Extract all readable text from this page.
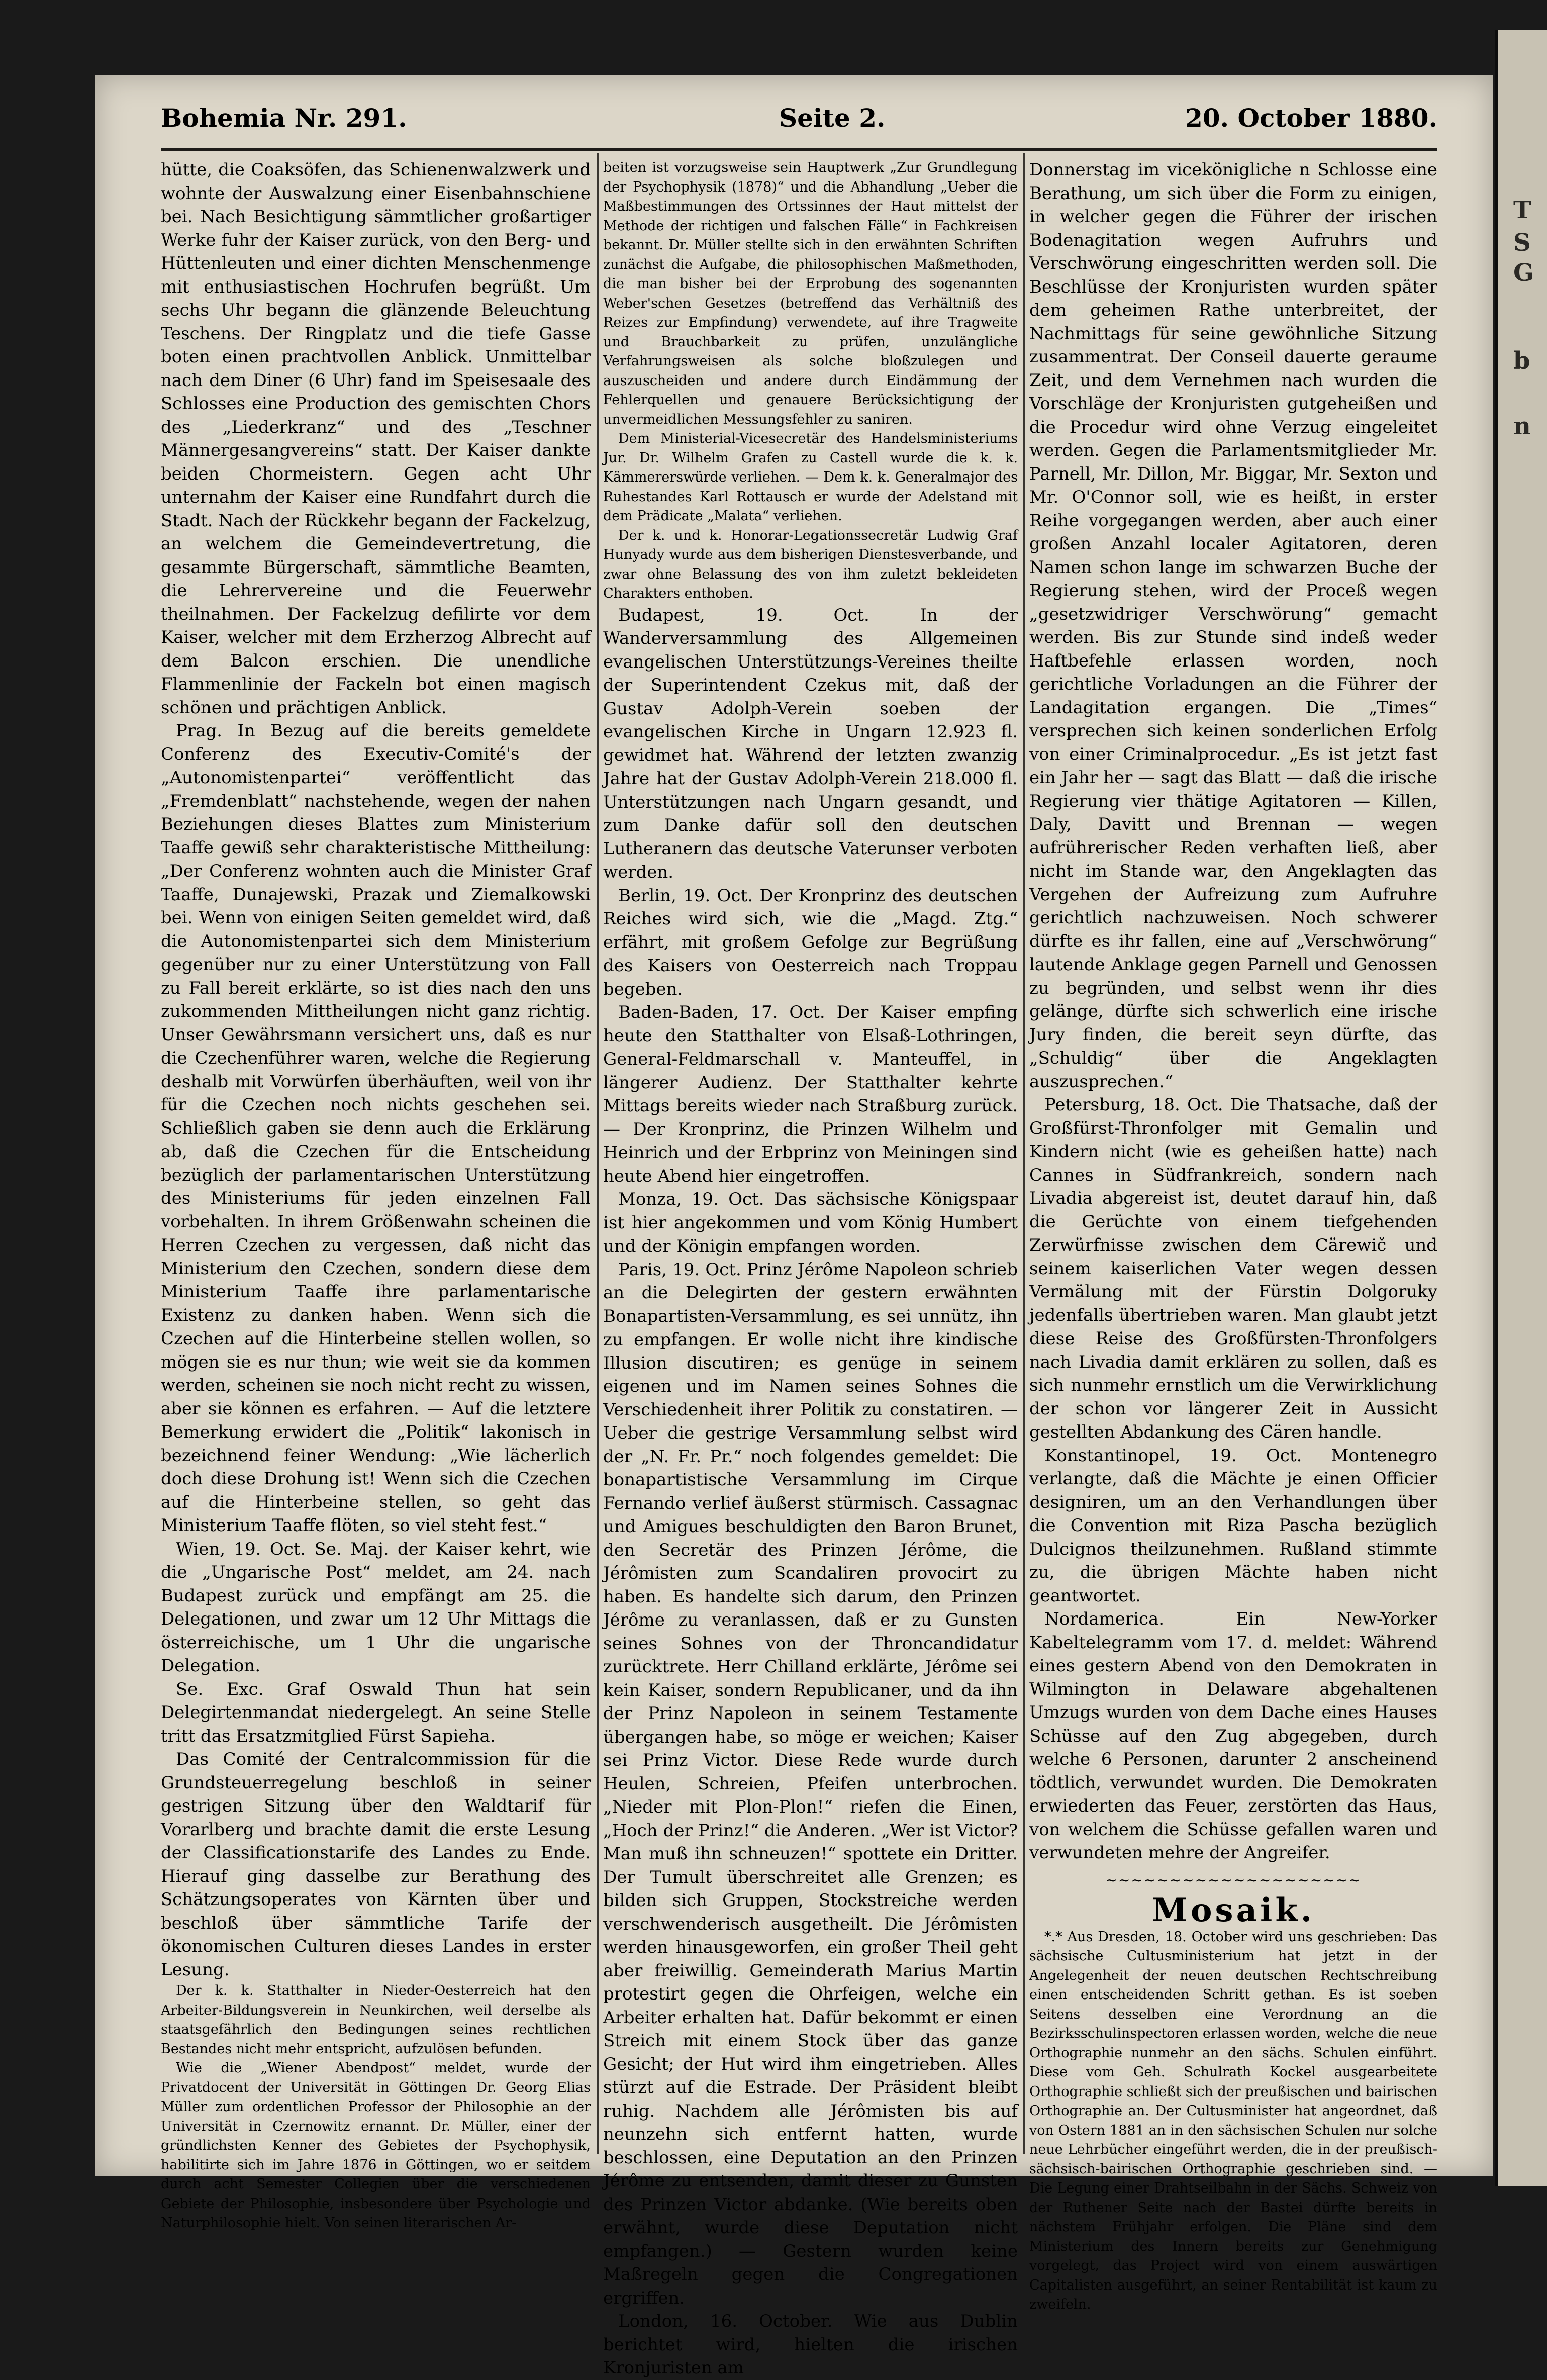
T
S
G
b
n
Bohemia Nr. 291.	Seite 2.	20. October 1880.

hütte, die Coaksöfen, das Schienenwalzwerk und wohnte der Auswalzung einer Eisenbahnschiene bei. Nach Besichtigung sämmtlicher großartiger Werke fuhr der Kaiser zurück, von den Berg- und Hüttenleuten und einer dichten Menschenmenge mit enthusiastischen Hochrufen begrüßt. Um sechs Uhr begann die glänzende Beleuchtung Teschens. Der Ringplatz und die tiefe Gasse boten einen prachtvollen Anblick. Unmittelbar nach dem Diner (6 Uhr) fand im Speisesaale des Schlosses eine Production des gemischten Chors des „Liederkranz“ und des „Teschner Männergesangvereins“ statt. Der Kaiser dankte beiden Chormeistern. Gegen acht Uhr unternahm der Kaiser eine Rundfahrt durch die Stadt. Nach der Rückkehr begann der Fackelzug, an welchem die Gemeindevertretung, die gesammte Bürgerschaft, sämmtliche Beamten, die Lehrervereine und die Feuerwehr theilnahmen. Der Fackelzug defilirte vor dem Kaiser, welcher mit dem Erzherzog Albrecht auf dem Balcon erschien. Die unendliche Flammenlinie der Fackeln bot einen magisch schönen und prächtigen Anblick.

Prag. In Bezug auf die bereits gemeldete Conferenz des Executiv-Comité's der „Autonomistenpartei“ veröffentlicht das „Fremdenblatt“ nachstehende, wegen der nahen Beziehungen dieses Blattes zum Ministerium Taaffe gewiß sehr charakteristische Mittheilung: „Der Conferenz wohnten auch die Minister Graf Taaffe, Dunajewski, Prazak und Ziemalkowski bei. Wenn von einigen Seiten gemeldet wird, daß die Autonomistenpartei sich dem Ministerium gegenüber nur zu einer Unterstützung von Fall zu Fall bereit erklärte, so ist dies nach den uns zukommenden Mittheilungen nicht ganz richtig. Unser Gewährsmann versichert uns, daß es nur die Czechenführer waren, welche die Regierung deshalb mit Vorwürfen überhäuften, weil von ihr für die Czechen noch nichts geschehen sei. Schließlich gaben sie denn auch die Erklärung ab, daß die Czechen für die Entscheidung bezüglich der parlamentarischen Unterstützung des Ministeriums für jeden einzelnen Fall vorbehalten. In ihrem Größenwahn scheinen die Herren Czechen zu vergessen, daß nicht das Ministerium den Czechen, sondern diese dem Ministerium Taaffe ihre parlamentarische Existenz zu danken haben. Wenn sich die Czechen auf die Hinterbeine stellen wollen, so mögen sie es nur thun; wie weit sie da kommen werden, scheinen sie noch nicht recht zu wissen, aber sie können es erfahren. — Auf die letztere Bemerkung erwidert die „Politik“ lakonisch in bezeichnend feiner Wendung: „Wie lächerlich doch diese Drohung ist! Wenn sich die Czechen auf die Hinterbeine stellen, so geht das Ministerium Taaffe flöten, so viel steht fest.“

Wien, 19. Oct. Se. Maj. der Kaiser kehrt, wie die „Ungarische Post“ meldet, am 24. nach Budapest zurück und empfängt am 25. die Delegationen, und zwar um 12 Uhr Mittags die österreichische, um 1 Uhr die ungarische Delegation.

Se. Exc. Graf Oswald Thun hat sein Delegirtenmandat niedergelegt. An seine Stelle tritt das Ersatzmitglied Fürst Sapieha.

Das Comité der Centralcommission für die Grundsteuerregelung beschloß in seiner gestrigen Sitzung über den Waldtarif für Vorarlberg und brachte damit die erste Lesung der Classificationstarife des Landes zu Ende. Hierauf ging dasselbe zur Berathung des Schätzungsoperates von Kärnten über und beschloß über sämmtliche Tarife der ökonomischen Culturen dieses Landes in erster Lesung.

Der k. k. Statthalter in Nieder-Oesterreich hat den Arbeiter-Bildungsverein in Neunkirchen, weil derselbe als staatsgefährlich den Bedingungen seines rechtlichen Bestandes nicht mehr entspricht, aufzulösen befunden.

Wie die „Wiener Abendpost“ meldet, wurde der Privatdocent der Universität in Göttingen Dr. Georg Elias Müller zum ordentlichen Professor der Philosophie an der Universität in Czernowitz ernannt. Dr. Müller, einer der gründlichsten Kenner des Gebietes der Psychophysik, habilitirte sich im Jahre 1876 in Göttingen, wo er seitdem durch acht Semester Collegien über die verschiedenen Gebiete der Philosophie, insbesondere über Psychologie und Naturphilosophie hielt. Von seinen literarischen Ar-

beiten ist vorzugsweise sein Hauptwerk „Zur Grundlegung der Psychophysik (1878)“ und die Abhandlung „Ueber die Maßbestimmungen des Ortssinnes der Haut mittelst der Methode der richtigen und falschen Fälle“ in Fachkreisen bekannt. Dr. Müller stellte sich in den erwähnten Schriften zunächst die Aufgabe, die philosophischen Maßmethoden, die man bisher bei der Erprobung des sogenannten Weber'schen Gesetzes (betreffend das Verhältniß des Reizes zur Empfindung) verwendete, auf ihre Tragweite und Brauchbarkeit zu prüfen, unzulängliche Verfahrungsweisen als solche bloßzulegen und auszuscheiden und andere durch Eindämmung der Fehlerquellen und genauere Berücksichtigung der unvermeidlichen Messungsfehler zu saniren.

Dem Ministerial-Vicesecretär des Handelsministeriums Jur. Dr. Wilhelm Grafen zu Castell wurde die k. k. Kämmererswürde verliehen. — Dem k. k. Generalmajor des Ruhestandes Karl Rottausch er wurde der Adelstand mit dem Prädicate „Malata“ verliehen.

Der k. und k. Honorar-Legationssecretär Ludwig Graf Hunyady wurde aus dem bisherigen Dienstesverbande, und zwar ohne Belassung des von ihm zuletzt bekleideten Charakters enthoben.

Budapest, 19. Oct. In der Wanderversammlung des Allgemeinen evangelischen Unterstützungs-Vereines theilte der Superintendent Czekus mit, daß der Gustav Adolph-Verein soeben der evangelischen Kirche in Ungarn 12.923 fl. gewidmet hat. Während der letzten zwanzig Jahre hat der Gustav Adolph-Verein 218.000 fl. Unterstützungen nach Ungarn gesandt, und zum Danke dafür soll den deutschen Lutheranern das deutsche Vaterunser verboten werden.

Berlin, 19. Oct. Der Kronprinz des deutschen Reiches wird sich, wie die „Magd. Ztg.“ erfährt, mit großem Gefolge zur Begrüßung des Kaisers von Oesterreich nach Troppau begeben.

Baden-Baden, 17. Oct. Der Kaiser empfing heute den Statthalter von Elsaß-Lothringen, General-Feldmarschall v. Manteuffel, in längerer Audienz. Der Statthalter kehrte Mittags bereits wieder nach Straßburg zurück. — Der Kronprinz, die Prinzen Wilhelm und Heinrich und der Erbprinz von Meiningen sind heute Abend hier eingetroffen.

Monza, 19. Oct. Das sächsische Königspaar ist hier angekommen und vom König Humbert und der Königin empfangen worden.

Paris, 19. Oct. Prinz Jérôme Napoleon schrieb an die Delegirten der gestern erwähnten Bonapartisten-Versammlung, es sei unnütz, ihn zu empfangen. Er wolle nicht ihre kindische Illusion discutiren; es genüge in seinem eigenen und im Namen seines Sohnes die Verschiedenheit ihrer Politik zu constatiren. — Ueber die gestrige Versammlung selbst wird der „N. Fr. Pr.“ noch folgendes gemeldet: Die bonapartistische Versammlung im Cirque Fernando verlief äußerst stürmisch. Cassagnac und Amigues beschuldigten den Baron Brunet, den Secretär des Prinzen Jérôme, die Jérômisten zum Scandaliren provocirt zu haben. Es handelte sich darum, den Prinzen Jérôme zu veranlassen, daß er zu Gunsten seines Sohnes von der Throncandidatur zurücktrete. Herr Chilland erklärte, Jérôme sei kein Kaiser, sondern Republicaner, und da ihn der Prinz Napoleon in seinem Testamente übergangen habe, so möge er weichen; Kaiser sei Prinz Victor. Diese Rede wurde durch Heulen, Schreien, Pfeifen unterbrochen. „Nieder mit Plon-Plon!“ riefen die Einen, „Hoch der Prinz!“ die Anderen. „Wer ist Victor? Man muß ihn schneuzen!“ spottete ein Dritter. Der Tumult überschreitet alle Grenzen; es bilden sich Gruppen, Stockstreiche werden verschwenderisch ausgetheilt. Die Jérômisten werden hinausgeworfen, ein großer Theil geht aber freiwillig. Gemeinderath Marius Martin protestirt gegen die Ohrfeigen, welche ein Arbeiter erhalten hat. Dafür bekommt er einen Streich mit einem Stock über das ganze Gesicht; der Hut wird ihm eingetrieben. Alles stürzt auf die Estrade. Der Präsident bleibt ruhig. Nachdem alle Jérômisten bis auf neunzehn sich entfernt hatten, wurde beschlossen, eine Deputation an den Prinzen Jérôme zu entsenden, damit dieser zu Gunsten des Prinzen Victor abdanke. (Wie bereits oben erwähnt, wurde diese Deputation nicht empfangen.) — Gestern wurden keine Maßregeln gegen die Congregationen ergriffen.

London, 16. October. Wie aus Dublin berichtet wird, hielten die irischen Kronjuristen am

Donnerstag im vicekönigliche n Schlosse eine Berathung, um sich über die Form zu einigen, in welcher gegen die Führer der irischen Bodenagitation wegen Aufruhrs und Verschwörung eingeschritten werden soll. Die Beschlüsse der Kronjuristen wurden später dem geheimen Rathe unterbreitet, der Nachmittags für seine gewöhnliche Sitzung zusammentrat. Der Conseil dauerte geraume Zeit, und dem Vernehmen nach wurden die Vorschläge der Kronjuristen gutgeheißen und die Procedur wird ohne Verzug eingeleitet werden. Gegen die Parlamentsmitglieder Mr. Parnell, Mr. Dillon, Mr. Biggar, Mr. Sexton und Mr. O'Connor soll, wie es heißt, in erster Reihe vorgegangen werden, aber auch einer großen Anzahl localer Agitatoren, deren Namen schon lange im schwarzen Buche der Regierung stehen, wird der Proceß wegen „gesetzwidriger Verschwörung“ gemacht werden. Bis zur Stunde sind indeß weder Haftbefehle erlassen worden, noch gerichtliche Vorladungen an die Führer der Landagitation ergangen. Die „Times“ versprechen sich keinen sonderlichen Erfolg von einer Criminalprocedur. „Es ist jetzt fast ein Jahr her — sagt das Blatt — daß die irische Regierung vier thätige Agitatoren — Killen, Daly, Davitt und Brennan — wegen aufrührerischer Reden verhaften ließ, aber nicht im Stande war, den Angeklagten das Vergehen der Aufreizung zum Aufruhre gerichtlich nachzuweisen. Noch schwerer dürfte es ihr fallen, eine auf „Verschwörung“ lautende Anklage gegen Parnell und Genossen zu begründen, und selbst wenn ihr dies gelänge, dürfte sich schwerlich eine irische Jury finden, die bereit seyn dürfte, das „Schuldig“ über die Angeklagten auszusprechen.“

Petersburg, 18. Oct. Die Thatsache, daß der Großfürst-Thronfolger mit Gemalin und Kindern nicht (wie es geheißen hatte) nach Cannes in Südfrankreich, sondern nach Livadia abgereist ist, deutet darauf hin, daß die Gerüchte von einem tiefgehenden Zerwürfnisse zwischen dem Cärewič und seinem kaiserlichen Vater wegen dessen Vermälung mit der Fürstin Dolgoruky jedenfalls übertrieben waren. Man glaubt jetzt diese Reise des Großfürsten-Thronfolgers nach Livadia damit erklären zu sollen, daß es sich nunmehr ernstlich um die Verwirklichung der schon vor längerer Zeit in Aussicht gestellten Abdankung des Cären handle.

Konstantinopel, 19. Oct. Montenegro verlangte, daß die Mächte je einen Officier designiren, um an den Verhandlungen über die Convention mit Riza Pascha bezüglich Dulcignos theilzunehmen. Rußland stimmte zu, die übrigen Mächte haben nicht geantwortet.

Nordamerica. Ein New-Yorker Kabeltelegramm vom 17. d. meldet: Während eines gestern Abend von den Demokraten in Wilmington in Delaware abgehaltenen Umzugs wurden von dem Dache eines Hauses Schüsse auf den Zug abgegeben, durch welche 6 Personen, darunter 2 anscheinend tödtlich, verwundet wurden. Die Demokraten erwiederten das Feuer, zerstörten das Haus, von welchem die Schüsse gefallen waren und verwundeten mehre der Angreifer.

~~~~~~~~~~~~~~~~~~~~
Mosaik.

*.* Aus Dresden, 18. October wird uns geschrieben: Das sächsische Cultusministerium hat jetzt in der Angelegenheit der neuen deutschen Rechtschreibung einen entscheidenden Schritt gethan. Es ist soeben Seitens desselben eine Verordnung an die Bezirksschulinspectoren erlassen worden, welche die neue Orthographie nunmehr an den sächs. Schulen einführt. Diese vom Geh. Schulrath Kockel ausgearbeitete Orthographie schließt sich der preußischen und bairischen Orthographie an. Der Cultusminister hat angeordnet, daß von Ostern 1881 an in den sächsischen Schulen nur solche neue Lehrbücher eingeführt werden, die in der preußisch-sächsisch-bairischen Orthographie geschrieben sind. — Die Legung einer Drahtseilbahn in der Sächs. Schweiz von der Ruthener Seite nach der Bastei dürfte bereits in nächstem Frühjahr erfolgen. Die Pläne sind dem Ministerium des Innern bereits zur Genehmigung vorgelegt, das Project wird von einem auswärtigen Capitalisten ausgeführt, an seiner Rentabilität ist kaum zu zweifeln.
